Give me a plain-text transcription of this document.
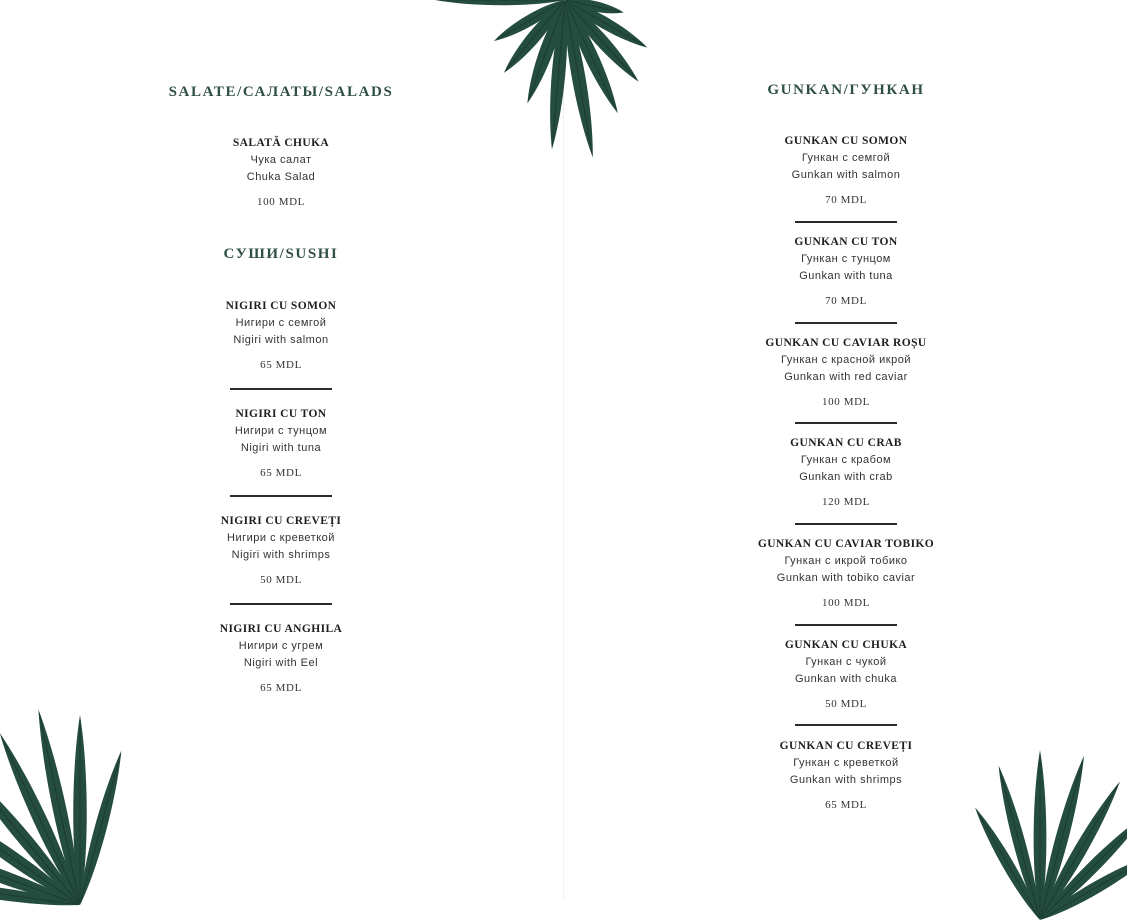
SALATE/САЛАТЫ/SALADS
SALATĂ CHUKA
Чука салат
Chuka Salad
100 MDL
СУШИ/SUSHI
NIGIRI CU SOMON
Нигири с семгой
Nigiri with salmon
65 MDL
NIGIRI CU TON
Нигири с тунцом
Nigiri with tuna
65 MDL
NIGIRI CU CREVEȚI
Нигири с креветкой
Nigiri with shrimps
50 MDL
NIGIRI CU ANGHILA
Нигири с угрем
Nigiri with Eel
65 MDL
GUNKAN/ГУНКАН
GUNKAN CU SOMON
Гункан с семгой
Gunkan with salmon
70 MDL
GUNKAN CU TON
Гункан с тунцом
Gunkan with tuna
70 MDL
GUNKAN CU CAVIAR ROȘU
Гункан с красной икрой
Gunkan with red caviar
100 MDL
GUNKAN CU CRAB
Гункан с крабом
Gunkan with crab
120 MDL
GUNKAN CU CAVIAR TOBIKO
Гункан с икрой тобико
Gunkan with tobiko caviar
100 MDL
GUNKAN CU CHUKA
Гункан с чукой
Gunkan with chuka
50 MDL
GUNKAN CU CREVEȚI
Гункан с креветкой
Gunkan with shrimps
65 MDL
